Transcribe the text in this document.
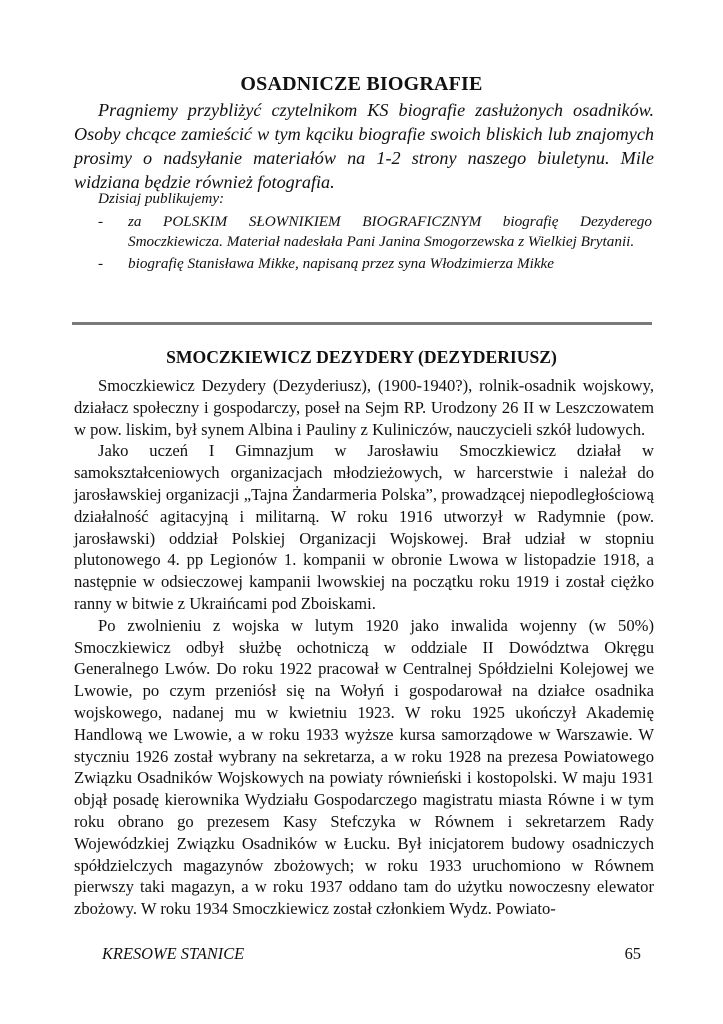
OSADNICZE BIOGRAFIE
Pragniemy przybliżyć czytelnikom KS biografie zasłużonych osadników. Osoby chcące zamieścić w tym kąciku biografie swoich bliskich lub znajomych prosimy o nadsyłanie materiałów na 1-2 strony naszego biuletynu. Mile widziana będzie również fotografia.
Dzisiaj publikujemy:
- za POLSKIM SŁOWNIKIEM BIOGRAFICZNYM biografię Dezyderego Smoczkiewicza. Materiał nadesłała Pani Janina Smogorzewska z Wielkiej Brytanii.
- biografię Stanisława Mikke, napisaną przez syna Włodzimierza Mikke
SMOCZKIEWICZ DEZYDERY (DEZYDERIUSZ)

Smoczkiewicz Dezydery (Dezyderiusz), (1900-1940?), rolnik-osadnik wojskowy, działacz społeczny i gospodarczy, poseł na Sejm RP. Urodzony 26 II w Leszczowatem w pow. liskim, był synem Albina i Pauliny z Kuliniczów, nauczycieli szkół ludowych.

Jako uczeń I Gimnazjum w Jarosławiu Smoczkiewicz działał w samokształceniowych organizacjach młodzieżowych, w harcerstwie i należał do jarosławskiej organizacji „Tajna Żandarmeria Polska”, prowadzącej niepodległościową działalność agitacyjną i militarną. W roku 1916 utworzył w Radymnie (pow. jarosławski) oddział Polskiej Organizacji Wojskowej. Brał udział w stopniu plutonowego 4. pp Legionów 1. kompanii w obronie Lwowa w listopadzie 1918, a następnie w odsieczowej kampanii lwowskiej na początku roku 1919 i został ciężko ranny w bitwie z Ukraińcami pod Zboiskami.

Po zwolnieniu z wojska w lutym 1920 jako inwalida wojenny (w 50%) Smoczkiewicz odbył służbę ochotniczą w oddziale II Dowództwa Okręgu Generalnego Lwów. Do roku 1922 pracował w Centralnej Spółdzielni Kolejowej we Lwowie, po czym przeniósł się na Wołyń i gospodarował na działce osadnika wojskowego, nadanej mu w kwietniu 1923. W roku 1925 ukończył Akademię Handlową we Lwowie, a w roku 1933 wyższe kursa samorządowe w Warszawie. W styczniu 1926 został wybrany na sekretarza, a w roku 1928 na prezesa Powiatowego Związku Osadników Wojskowych na powiaty równieński i kostopolski. W maju 1931 objął posadę kierownika Wydziału Gospodarczego magistratu miasta Równe i w tym roku obrano go prezesem Kasy Stefczyka w Równem i sekretarzem Rady Wojewódzkiej Związku Osadników w Łucku. Był inicjatorem budowy osadniczych spółdzielczych magazynów zbożowych; w roku 1933 uruchomiono w Równem pierwszy taki magazyn, a w roku 1937 oddano tam do użytku nowoczesny elewator zbożowy. W roku 1934 Smoczkiewicz został członkiem Wydz. Powiato-

KRESOWE STANICE	65
